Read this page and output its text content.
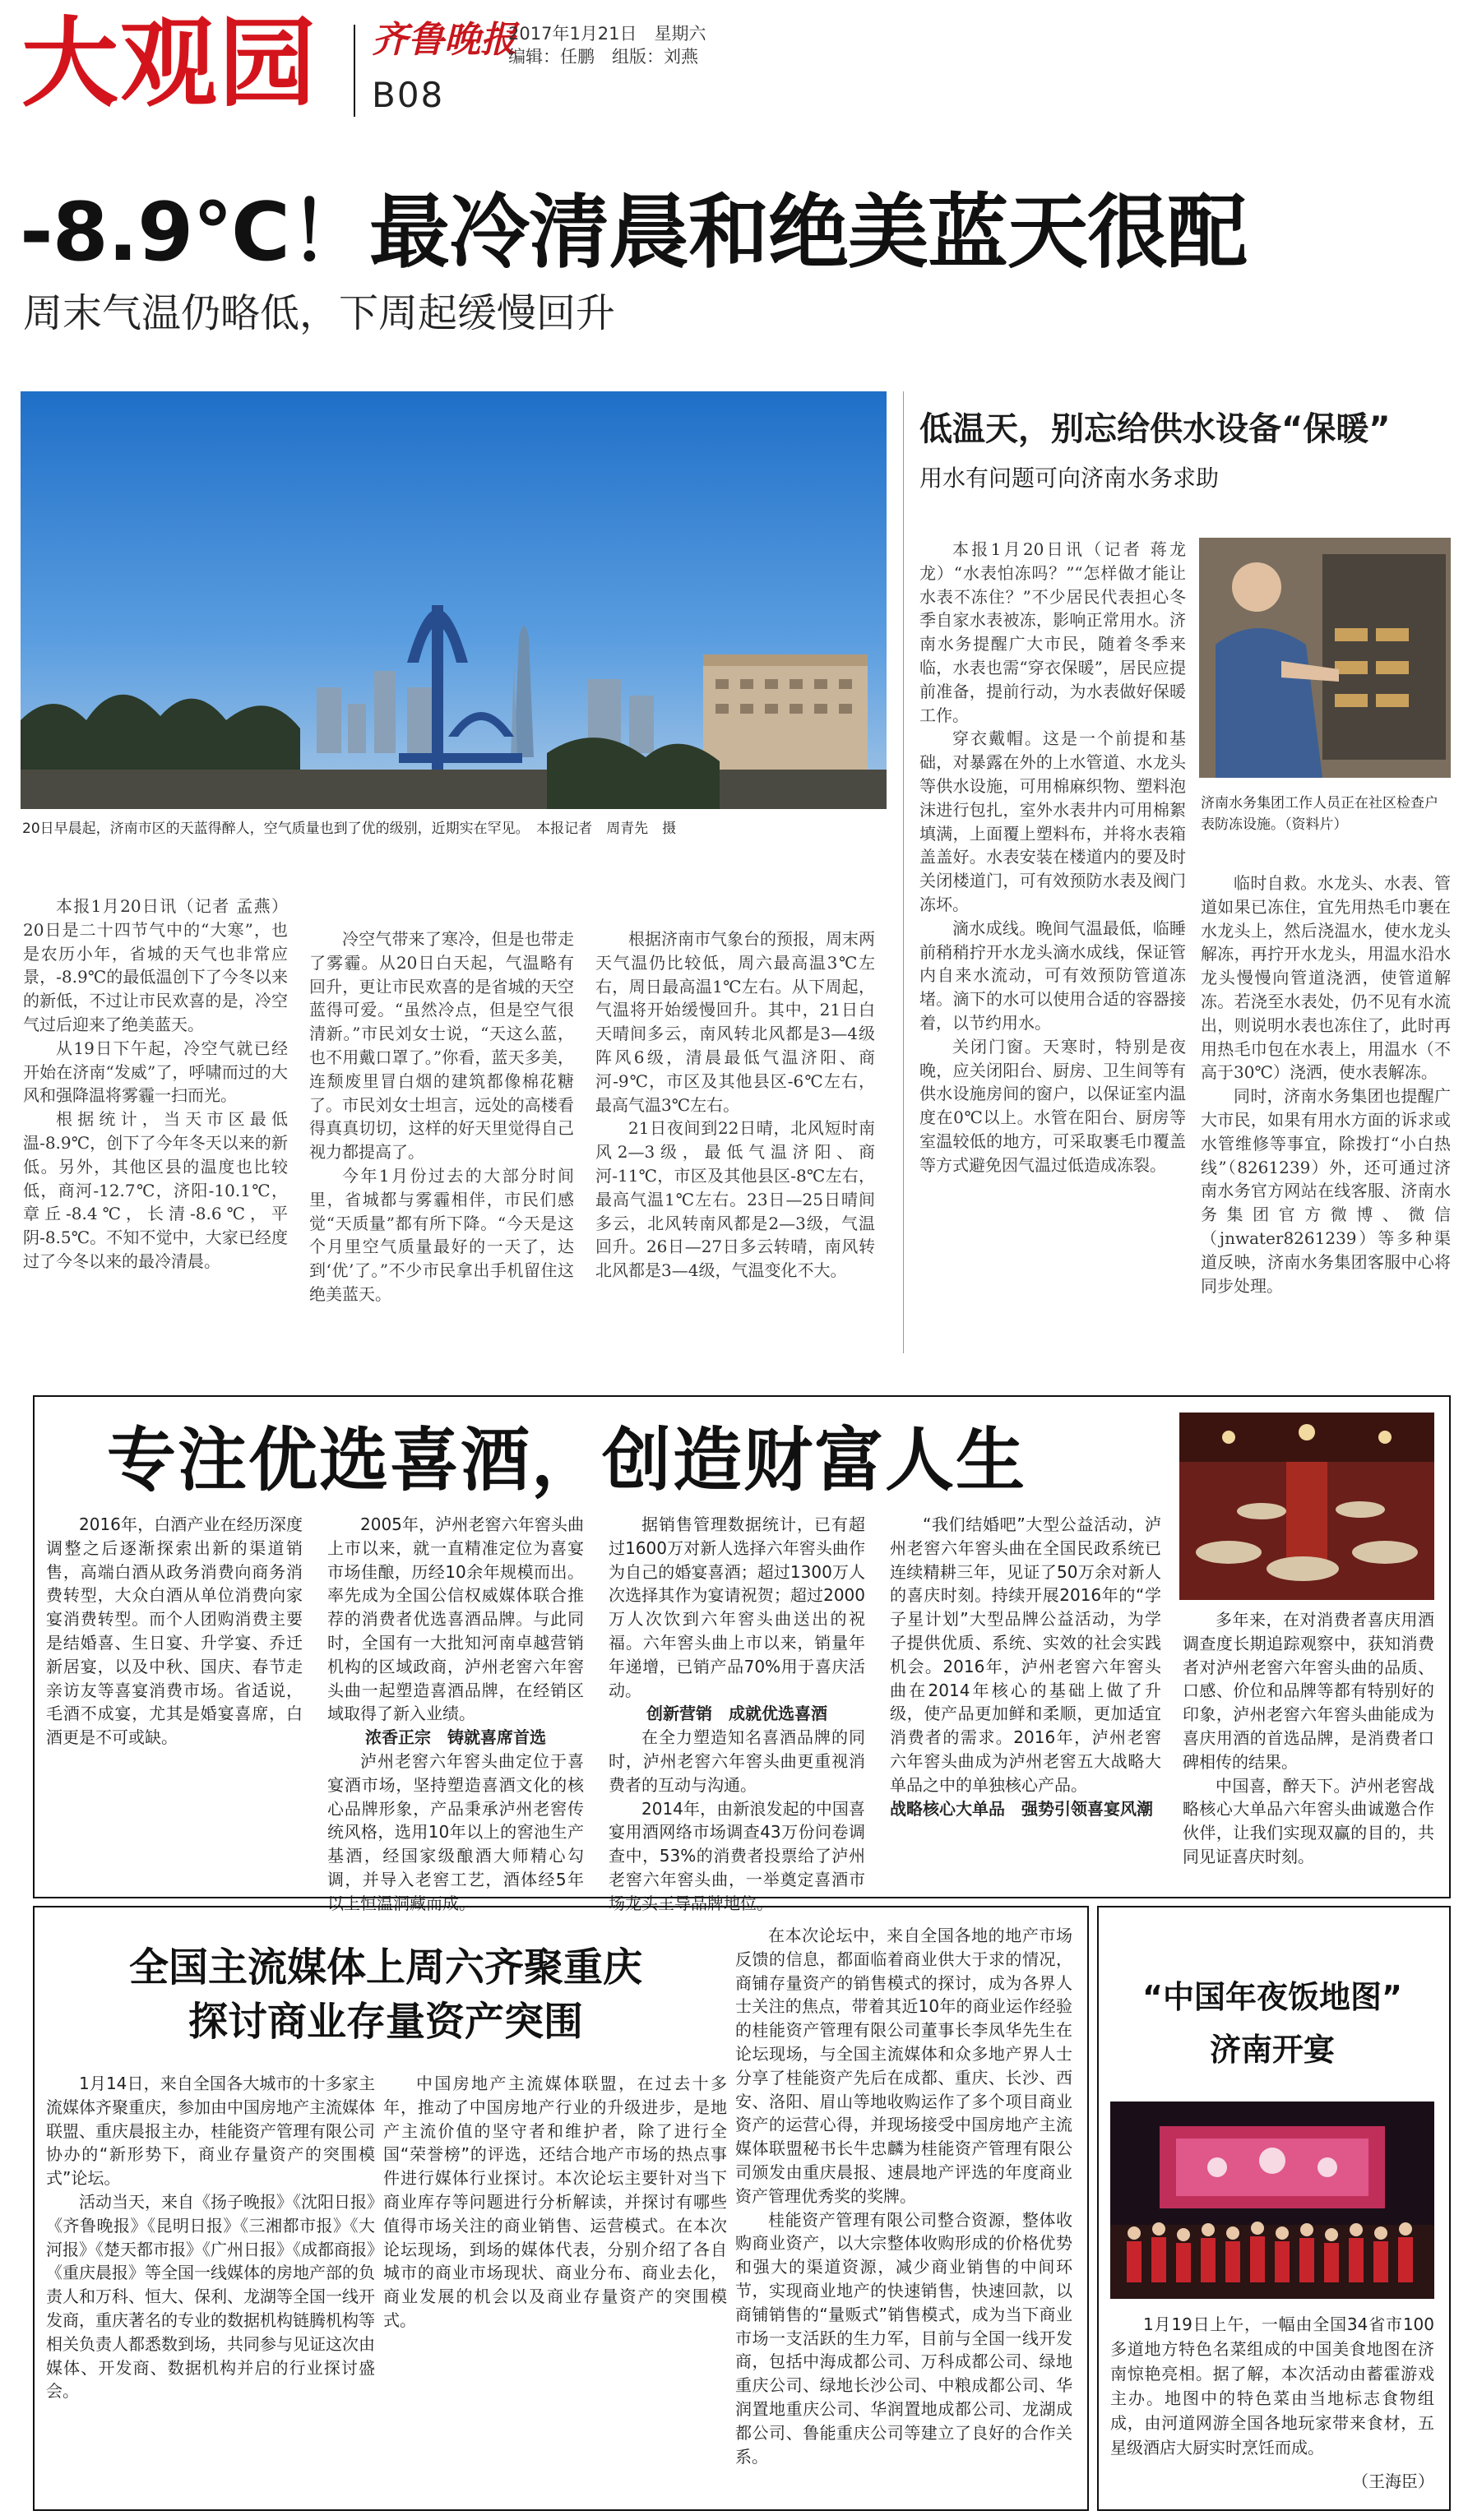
大观园 齐鲁晚报
2017年1月21日　星期六
编辑：任鹏　组版：刘燕
B08
-8.9℃！最冷清晨和绝美蓝天很配
周末气温仍略低，下周起缓慢回升
20日早晨起，济南市区的天蓝得醉人，空气质量也到了优的级别，近期实在罕见。　本报记者　周青先　摄

本报1月20日讯（记者 孟燕）20日是二十四节气中的“大寒”，也是农历小年，省城的天气也非常应景，-8.9℃的最低温创下了今冬以来的新低，不过让市民欢喜的是，冷空气过后迎来了绝美蓝天。

从19日下午起，冷空气就已经开始在济南“发威”了，呼啸而过的大风和强降温将雾霾一扫而光。

根据统计，当天市区最低温-8.9℃，创下了今年冬天以来的新低。另外，其他区县的温度也比较低，商河-12.7℃，济阳-10.1℃，章丘-8.4℃，长清-8.6℃，平阴-8.5℃。不知不觉中，大家已经度过了今冬以来的最冷清晨。

冷空气带来了寒冷，但是也带走了雾霾。从20日白天起，气温略有回升，更让市民欢喜的是省城的天空蓝得可爱。“虽然冷点，但是空气很清新。”市民刘女士说，“天这么蓝，也不用戴口罩了。”你看，蓝天多美，连颓废里冒白烟的建筑都像棉花糖了。市民刘女士坦言，远处的高楼看得真真切切，这样的好天里觉得自己视力都提高了。

今年1月份过去的大部分时间里，省城都与雾霾相伴，市民们感觉“天质量”都有所下降。“今天是这个月里空气质量最好的一天了，达到‘优’了。”不少市民拿出手机留住这绝美蓝天。

根据济南市气象台的预报，周末两天气温仍比较低，周六最高温3℃左右，周日最高温1℃左右。从下周起，气温将开始缓慢回升。其中，21日白天晴间多云，南风转北风都是3—4级阵风6级，清晨最低气温济阳、商河-9℃，市区及其他县区-6℃左右，最高气温3℃左右。

21日夜间到22日晴，北风短时南风2—3级，最低气温济阳、商河-11℃，市区及其他县区-8℃左右，最高气温1℃左右。23日—25日晴间多云，北风转南风都是2—3级，气温回升。26日—27日多云转晴，南风转北风都是3—4级，气温变化不大。

低温天，别忘给供水设备“保暖”
用水有问题可向济南水务求助
济南水务集团工作人员正在社区检查户表防冻设施。（资料片）

本报1月20日讯（记者 蒋龙龙）“水表怕冻吗？”“怎样做才能让水表不冻住？”不少居民代表担心冬季自家水表被冻，影响正常用水。济南水务提醒广大市民，随着冬季来临，水表也需“穿衣保暖”，居民应提前准备，提前行动，为水表做好保暖工作。

穿衣戴帽。这是一个前提和基础，对暴露在外的上水管道、水龙头等供水设施，可用棉麻织物、塑料泡沫进行包扎，室外水表井内可用棉絮填满，上面覆上塑料布，并将水表箱盖盖好。水表安装在楼道内的要及时关闭楼道门，可有效预防水表及阀门冻坏。

滴水成线。晚间气温最低，临睡前稍稍拧开水龙头滴水成线，保证管内自来水流动，可有效预防管道冻堵。滴下的水可以使用合适的容器接着，以节约用水。

关闭门窗。天寒时，特别是夜晚，应关闭阳台、厨房、卫生间等有供水设施房间的窗户，以保证室内温度在0℃以上。水管在阳台、厨房等室温较低的地方，可采取裹毛巾覆盖等方式避免因气温过低造成冻裂。

临时自救。水龙头、水表、管道如果已冻住，宜先用热毛巾裹在水龙头上，然后浇温水，使水龙头解冻，再拧开水龙头，用温水沿水龙头慢慢向管道浇洒，使管道解冻。若浇至水表处，仍不见有水流出，则说明水表也冻住了，此时再用热毛巾包在水表上，用温水（不高于30℃）浇洒，使水表解冻。

同时，济南水务集团也提醒广大市民，如果有用水方面的诉求或水管维修等事宜，除拨打“小白热线”（8261239）外，还可通过济南水务官方网站在线客服、济南水务集团官方微博、微信（jnwater8261239）等多种渠道反映，济南水务集团客服中心将同步处理。

专注优选喜酒，创造财富人生

2016年，白酒产业在经历深度调整之后逐渐探索出新的渠道销售，高端白酒从政务消费向商务消费转型，大众白酒从单位消费向家宴消费转型。而个人团购消费主要是结婚喜、生日宴、升学宴、乔迁新居宴，以及中秋、国庆、春节走亲访友等喜宴消费市场。省适说，毛酒不成宴，尤其是婚宴喜席，白酒更是不可或缺。

2005年，泸州老窖六年窖头曲上市以来，就一直精准定位为喜宴市场佳酿，历经10余年规模而出。率先成为全国公信权威媒体联合推荐的消费者优选喜酒品牌。与此同时，全国有一大批知河南卓越营销机构的区域政商，泸州老窖六年窖头曲一起塑造喜酒品牌，在经销区域取得了新入业绩。

浓香正宗　铸就喜席首选

泸州老窖六年窖头曲定位于喜宴酒市场，坚持塑造喜酒文化的核心品牌形象，产品秉承泸州老窖传统风格，选用10年以上的窖池生产基酒，经国家级酿酒大师精心勾调，并导入老窖工艺，酒体经5年以上恒温洞藏而成。

据销售管理数据统计，已有超过1600万对新人选择六年窖头曲作为自己的婚宴喜酒；超过1300万人次选择其作为宴请祝贺；超过2000万人次饮到六年窖头曲送出的祝福。六年窖头曲上市以来，销量年年递增，已销产品70%用于喜庆活动。

创新营销　成就优选喜酒

在全力塑造知名喜酒品牌的同时，泸州老窖六年窖头曲更重视消费者的互动与沟通。

2014年，由新浪发起的中国喜宴用酒网络市场调查43万份问卷调查中，53%的消费者投票给了泸州老窖六年窖头曲，一举奠定喜酒市场龙头王导品牌地位。

“我们结婚吧”大型公益活动，泸州老窖六年窖头曲在全国民政系统已连续精耕三年，见证了50万余对新人的喜庆时刻。持续开展2016年的“学子星计划”大型品牌公益活动，为学子提供优质、系统、实效的社会实践机会。2016年，泸州老窖六年窖头曲在2014年核心的基础上做了升级，使产品更加鲜和柔顺，更加适宜消费者的需求。2016年，泸州老窖六年窖头曲成为泸州老窖五大战略大单品之中的单独核心产品。

战略核心大单品　强势引领喜宴风潮

多年来，在对消费者喜庆用酒调查度长期追踪观察中，获知消费者对泸州老窖六年窖头曲的品质、口感、价位和品牌等都有特别好的印象，泸州老窖六年窖头曲能成为喜庆用酒的首选品牌，是消费者口碑相传的结果。

中国喜，醉天下。泸州老窖战略核心大单品六年窖头曲诚邀合作伙伴，让我们实现双赢的目的，共同见证喜庆时刻。

全国主流媒体上周六齐聚重庆
探讨商业存量资产突围

1月14日，来自全国各大城市的十多家主流媒体齐聚重庆，参加由中国房地产主流媒体联盟、重庆晨报主办，桂能资产管理有限公司协办的“新形势下，商业存量资产的突围模式”论坛。

活动当天，来自《扬子晚报》《沈阳日报》《齐鲁晚报》《昆明日报》《三湘都市报》《大河报》《楚天都市报》《广州日报》《成都商报》《重庆晨报》等全国一线媒体的房地产部的负责人和万科、恒大、保利、龙湖等全国一线开发商，重庆著名的专业的数据机构链腾机构等相关负责人都悉数到场，共同参与见证这次由媒体、开发商、数据机构并启的行业探讨盛会。

中国房地产主流媒体联盟，在过去十多年，推动了中国房地产行业的升级进步，是地产主流价值的坚守者和维护者，除了进行全国“荣誉榜”的评选，还结合地产市场的热点事件进行媒体行业探讨。本次论坛主要针对当下商业库存等问题进行分析解读，并探讨有哪些值得市场关注的商业销售、运营模式。在本次论坛现场，到场的媒体代表，分别介绍了各自城市的商业市场现状、商业分布、商业去化，商业发展的机会以及商业存量资产的突围模式。

在本次论坛中，来自全国各地的地产市场反馈的信息，都面临着商业供大于求的情况，商铺存量资产的销售模式的探讨，成为各界人士关注的焦点，带着其近10年的商业运作经验的桂能资产管理有限公司董事长李凤华先生在论坛现场，与全国主流媒体和众多地产界人士分享了桂能资产先后在成都、重庆、长沙、西安、洛阳、眉山等地收购运作了多个项目商业资产的运营心得，并现场接受中国房地产主流媒体联盟秘书长牛忠麟为桂能资产管理有限公司颁发由重庆晨报、速晨地产评选的年度商业资产管理优秀奖的奖牌。

桂能资产管理有限公司整合资源，整体收购商业资产，以大宗整体收购形成的价格优势和强大的渠道资源，减少商业销售的中间环节，实现商业地产的快速销售，快速回款，以商铺销售的“量贩式”销售模式，成为当下商业市场一支活跃的生力军，目前与全国一线开发商，包括中海成都公司、万科成都公司、绿地重庆公司、绿地长沙公司、中粮成都公司、华润置地重庆公司、华润置地成都公司、龙湖成都公司、鲁能重庆公司等建立了良好的合作关系。

“中国年夜饭地图”
济南开宴

1月19日上午，一幅由全国34省市100多道地方特色名菜组成的中国美食地图在济南惊艳亮相。据了解，本次活动由蓄霍游戏主办。地图中的特色菜由当地标志食物组成，由河道网游全国各地玩家带来食材，五星级酒店大厨实时烹饪而成。

（王海臣）
